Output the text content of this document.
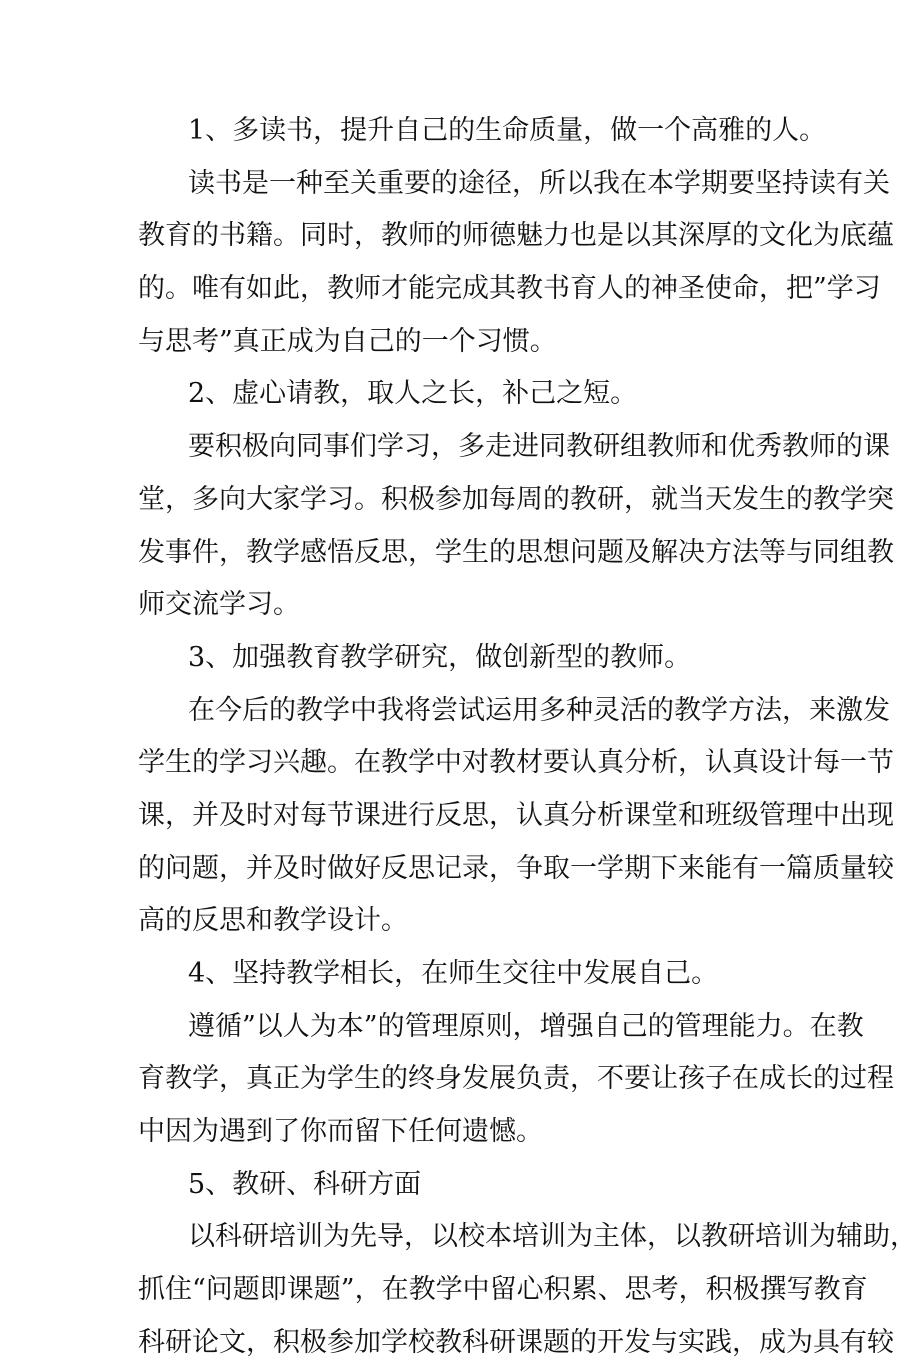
1、多读书，提升自己的生命质量，做一个高雅的人。
读书是一种至关重要的途径，所以我在本学期要坚持读有关
教育的书籍。同时，教师的师德魅力也是以其深厚的文化为底蕴
的。唯有如此，教师才能完成其教书育人的神圣使命，把”学习
与思考”真正成为自己的一个习惯。
2、虚心请教，取人之长，补己之短。
要积极向同事们学习，多走进同教研组教师和优秀教师的课
堂，多向大家学习。积极参加每周的教研，就当天发生的教学突
发事件，教学感悟反思，学生的思想问题及解决方法等与同组教
师交流学习。
3、加强教育教学研究，做创新型的教师。
在今后的教学中我将尝试运用多种灵活的教学方法，来激发
学生的学习兴趣。在教学中对教材要认真分析，认真设计每一节
课，并及时对每节课进行反思，认真分析课堂和班级管理中出现
的问题，并及时做好反思记录，争取一学期下来能有一篇质量较
高的反思和教学设计。
4、坚持教学相长，在师生交往中发展自己。
遵循”以人为本”的管理原则，增强自己的管理能力。在教
育教学，真正为学生的终身发展负责，不要让孩子在成长的过程
中因为遇到了你而留下任何遗憾。
5、教研、科研方面
以科研培训为先导，以校本培训为主体，以教研培训为辅助，
抓住“问题即课题”，在教学中留心积累、思考，积极撰写教育
科研论文，积极参加学校教科研课题的开发与实践，成为具有较
